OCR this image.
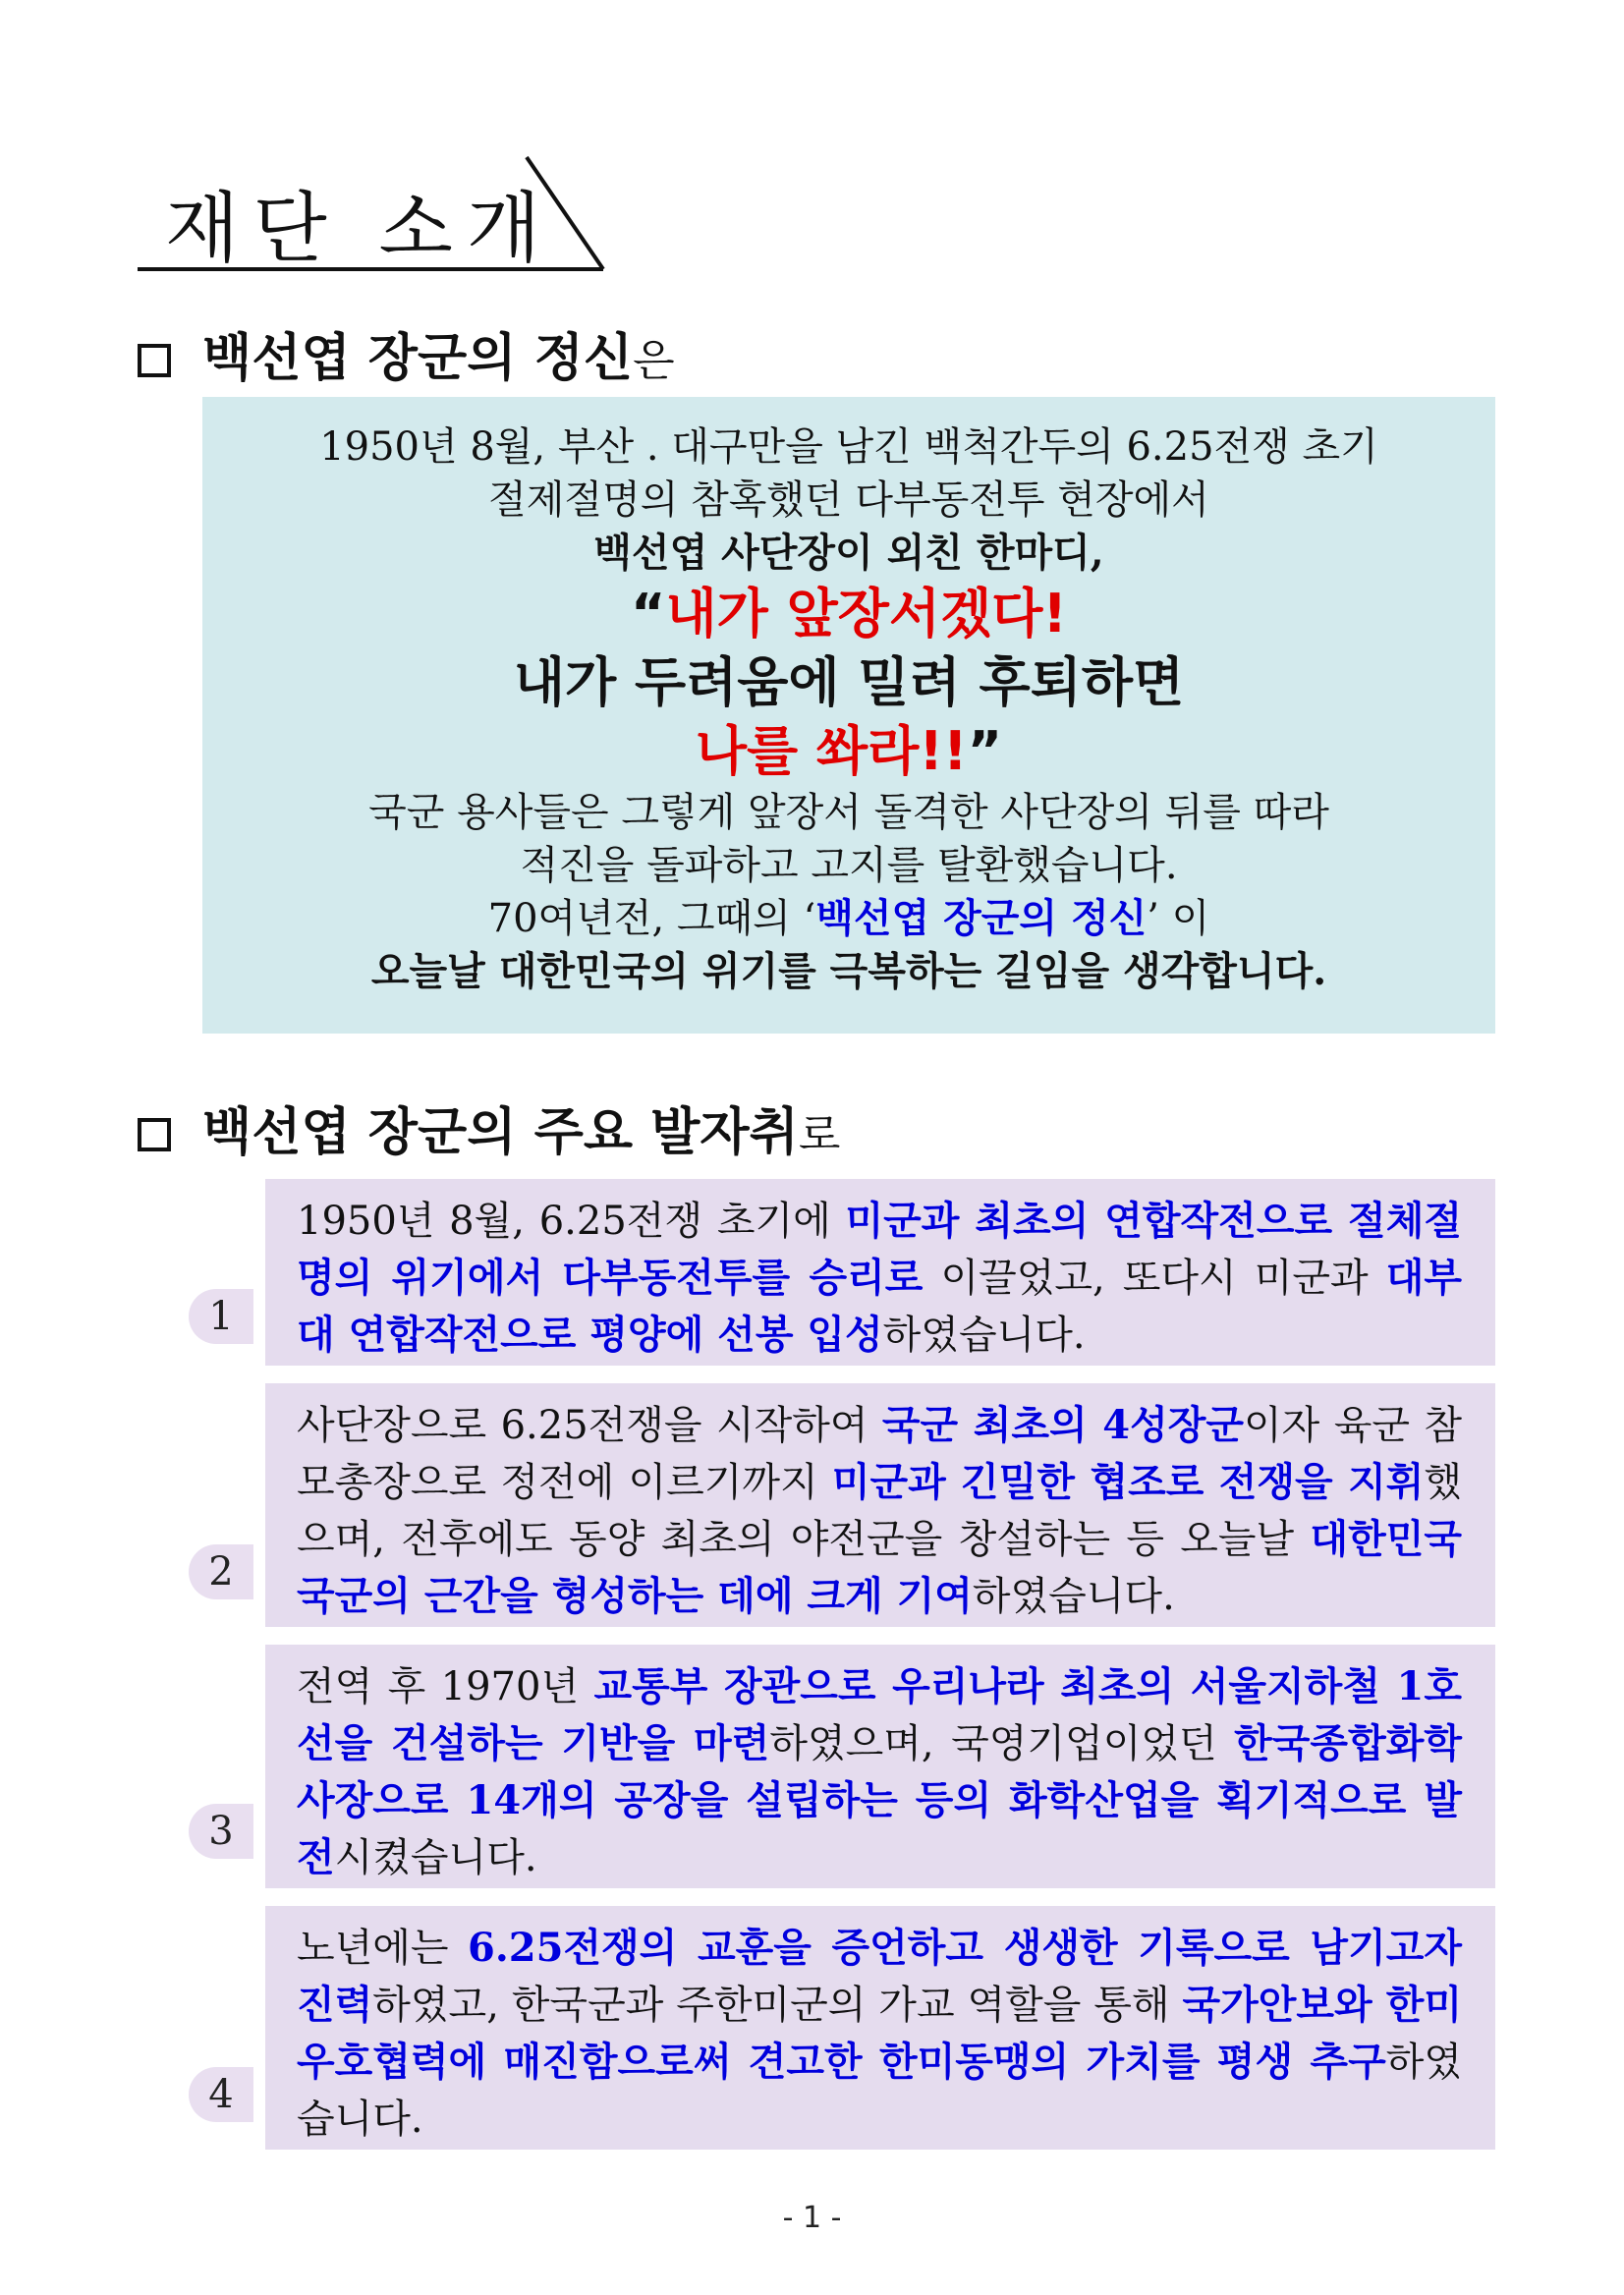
재단 소개
백선엽 장군의 정신은
1950년 8월, 부산 . 대구만을 남긴 백척간두의 6.25전쟁 초기
절제절명의 참혹했던 다부동전투 현장에서
백선엽 사단장이 외친 한마디,
“내가 앞장서겠다!
내가 두려움에 밀려 후퇴하면
나를 쏴라!!”
국군 용사들은 그렇게 앞장서 돌격한 사단장의 뒤를 따라
적진을 돌파하고 고지를 탈환했습니다.
70여년전, 그때의 ‘백선엽 장군의 정신’ 이
오늘날 대한민국의 위기를 극복하는 길임을 생각합니다.
백선엽 장군의 주요 발자취로
1

1950년 8월, 6.25전쟁 초기에 미군과 최초의 연합작전으로 절체절명의 위기에서 다부동전투를 승리로 이끌었고, 또다시 미군과 대부대 연합작전으로 평양에 선봉 입성하였습니다.

2

사단장으로 6.25전쟁을 시작하여 국군 최초의 4성장군이자 육군 참모총장으로 정전에 이르기까지 미군과 긴밀한 협조로 전쟁을 지휘했으며, 전후에도 동양 최초의 야전군을 창설하는 등 오늘날 대한민국 국군의 근간을 형성하는 데에 크게 기여하였습니다.

3

전역 후 1970년 교통부 장관으로 우리나라 최초의 서울지하철 1호선을 건설하는 기반을 마련하였으며, 국영기업이었던 한국종합화학사장으로 14개의 공장을 설립하는 등의 화학산업을 획기적으로 발전시켰습니다.

4

노년에는 6.25전쟁의 교훈을 증언하고 생생한 기록으로 남기고자 진력하였고, 한국군과 주한미군의 가교 역할을 통해 국가안보와 한미 우호협력에 매진함으로써 견고한 한미동맹의 가치를 평생 추구하였습니다.

- 1 -
